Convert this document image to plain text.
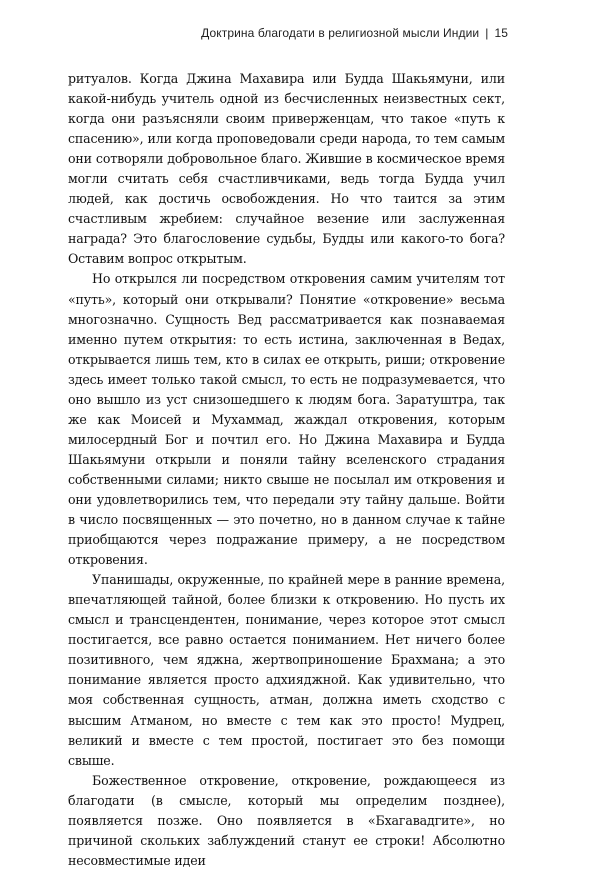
Доктрина благодати в религиозной мысли Индии | 15

ритуалов. Когда Джина Махавира или Будда Шакьямуни, или какой-нибудь учитель одной из бесчисленных неизвестных сект, когда они разъясняли своим приверженцам, что такое «путь к спасению», или когда проповедовали среди народа, то тем самым они сотворяли добровольное благо. Жившие в космическое время могли считать себя счастливчиками, ведь тогда Будда учил людей, как достичь освобождения. Но что таится за этим счастливым жребием: случайное везение или заслуженная награда? Это благословение судьбы, Будды или какого-то бога? Оставим вопрос открытым.

Но открылся ли посредством откровения самим учителям тот «путь», который они открывали? Понятие «откровение» весьма многозначно. Сущность Вед рассматривается как познаваемая именно путем открытия: то есть истина, заключенная в Ведах, открывается лишь тем, кто в силах ее открыть, риши; откровение здесь имеет только такой смысл, то есть не подразумевается, что оно вышло из уст снизошедшего к людям бога. Заратуштра, так же как Моисей и Мухаммад, жаждал откровения, которым милосердный Бог и почтил его. Но Джина Махавира и Будда Шакьямуни открыли и поняли тайну вселенского страдания собственными силами; никто свыше не посылал им откровения и они удовлетворились тем, что передали эту тайну дальше. Войти в число посвященных — это почетно, но в данном случае к тайне приобщаются через подражание примеру, а не посредством откровения.

Упанишады, окруженные, по крайней мере в ранние времена, впечатляющей тайной, более близки к откровению. Но пусть их смысл и трансцендентен, понимание, через которое этот смысл постигается, все равно остается пониманием. Нет ничего более позитивного, чем яджна, жертвоприношение Брахмана; а это понимание является просто адхияджной. Как удивительно, что моя собственная сущность, атман, должна иметь сходство с высшим Атманом, но вместе с тем как это просто! Мудрец, великий и вместе с тем простой, постигает это без помощи свыше.

Божественное откровение, откровение, рождающееся из благодати (в смысле, который мы определим позднее), появляется позже. Оно появляется в «Бхагавадгите», но причиной скольких заблуждений станут ее строки! Абсолютно несовместимые идеи
